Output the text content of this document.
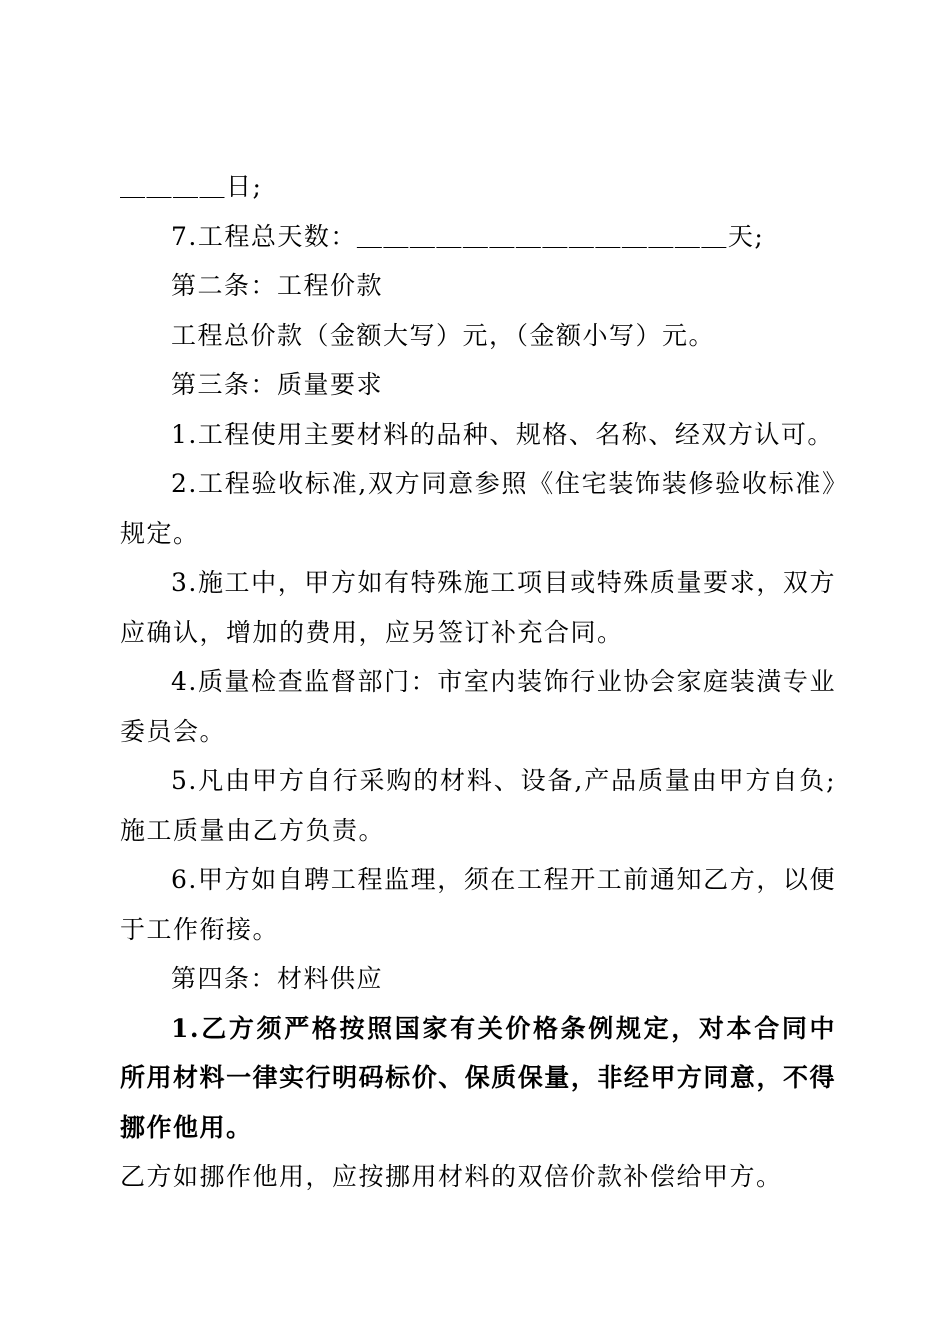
＿＿＿＿日;

7.工程总天数：＿＿＿＿＿＿＿＿＿＿＿＿＿＿天;

第二条：工程价款

工程总价款（金额大写）元，（金额小写）元。

第三条：质量要求

1.工程使用主要材料的品种、规格、名称、经双方认可。

2.工程验收标准,双方同意参照《住宅装饰装修验收标准》规定。

3.施工中，甲方如有特殊施工项目或特殊质量要求，双方应确认，增加的费用，应另签订补充合同。

4.质量检查监督部门：市室内装饰行业协会家庭装潢专业委员会。

5.凡由甲方自行采购的材料、设备,产品质量由甲方自负;施工质量由乙方负责。

6.甲方如自聘工程监理，须在工程开工前通知乙方，以便于工作衔接。

第四条：材料供应

1.乙方须严格按照国家有关价格条例规定，对本合同中所用材料一律实行明码标价、保质保量，非经甲方同意，不得挪作他用。

乙方如挪作他用，应按挪用材料的双倍价款补偿给甲方。
